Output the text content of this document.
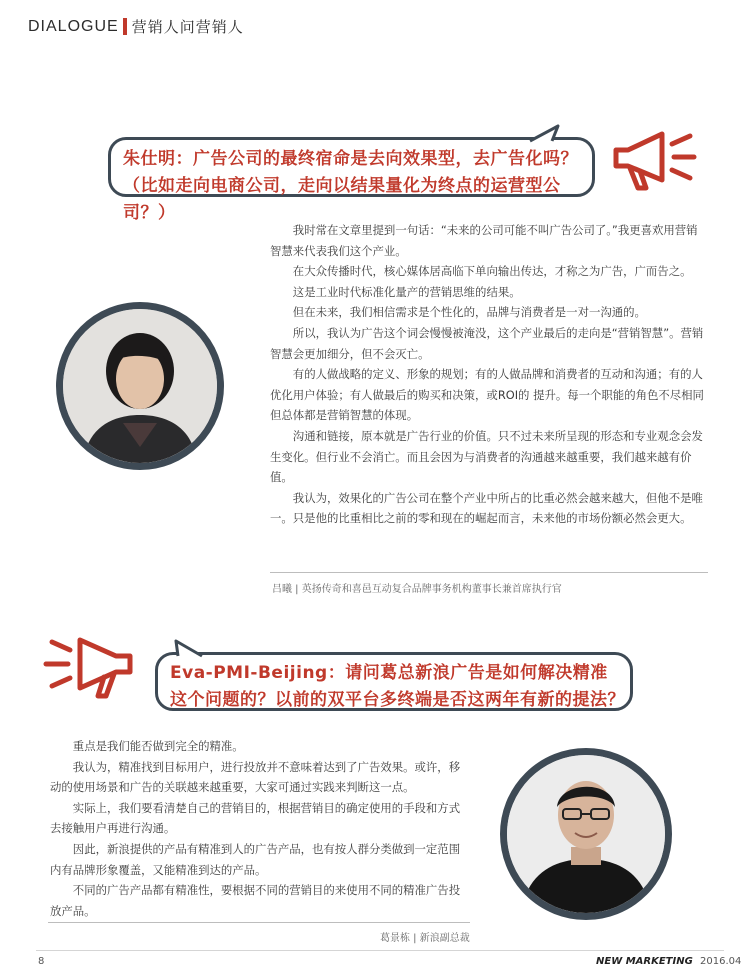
DIALOGUE 营销人问营销人
朱仕明：广告公司的最终宿命是去向效果型，去广告化吗？（比如走向电商公司，走向以结果量化为终点的运营型公司？）

我时常在文章里提到一句话：“未来的公司可能不叫广告公司了。”我更喜欢用营销智慧来代表我们这个产业。

在大众传播时代，核心媒体居高临下单向输出传达，才称之为广告，广而告之。

这是工业时代标准化量产的营销思维的结果。

但在未来，我们相信需求是个性化的，品牌与消费者是一对一沟通的。

所以，我认为广告这个词会慢慢被淹没，这个产业最后的走向是“营销智慧”。营销智慧会更加细分，但不会灭亡。

有的人做战略的定义、形象的规划；有的人做品牌和消费者的互动和沟通；有的人优化用户体验；有人做最后的购买和决策，或ROI的 提升。每一个职能的角色不尽相同但总体都是营销智慧的体现。

沟通和链接，原本就是广告行业的价值。只不过未来所呈现的形态和专业观念会发生变化。但行业不会消亡。而且会因为与消费者的沟通越来越重要，我们越来越有价值。

我认为，效果化的广告公司在整个产业中所占的比重必然会越来越大，但他不是唯一。只是他的比重相比之前的零和现在的崛起而言，未来他的市场份额必然会更大。

吕曦 | 英扬传奇和喜邑互动复合品牌事务机构董事长兼首席执行官
Eva-PMI-Beijing：请问葛总新浪广告是如何解决精准这个问题的？以前的双平台多终端是否这两年有新的提法？

重点是我们能否做到完全的精准。

我认为，精准找到目标用户，进行投放并不意味着达到了广告效果。或许，移动的使用场景和广告的关联越来越重要，大家可通过实践来判断这一点。

实际上，我们要看清楚自己的营销目的，根据营销目的确定使用的手段和方式去接触用户再进行沟通。

因此，新浪提供的产品有精准到人的广告产品，也有按人群分类做到一定范围内有品牌形象覆盖，又能精准到达的产品。

不同的广告产品都有精准性，要根据不同的营销目的来使用不同的精准广告投放产品。

葛景栋 | 新浪副总裁
8	NEW MARKETING 2016.04
